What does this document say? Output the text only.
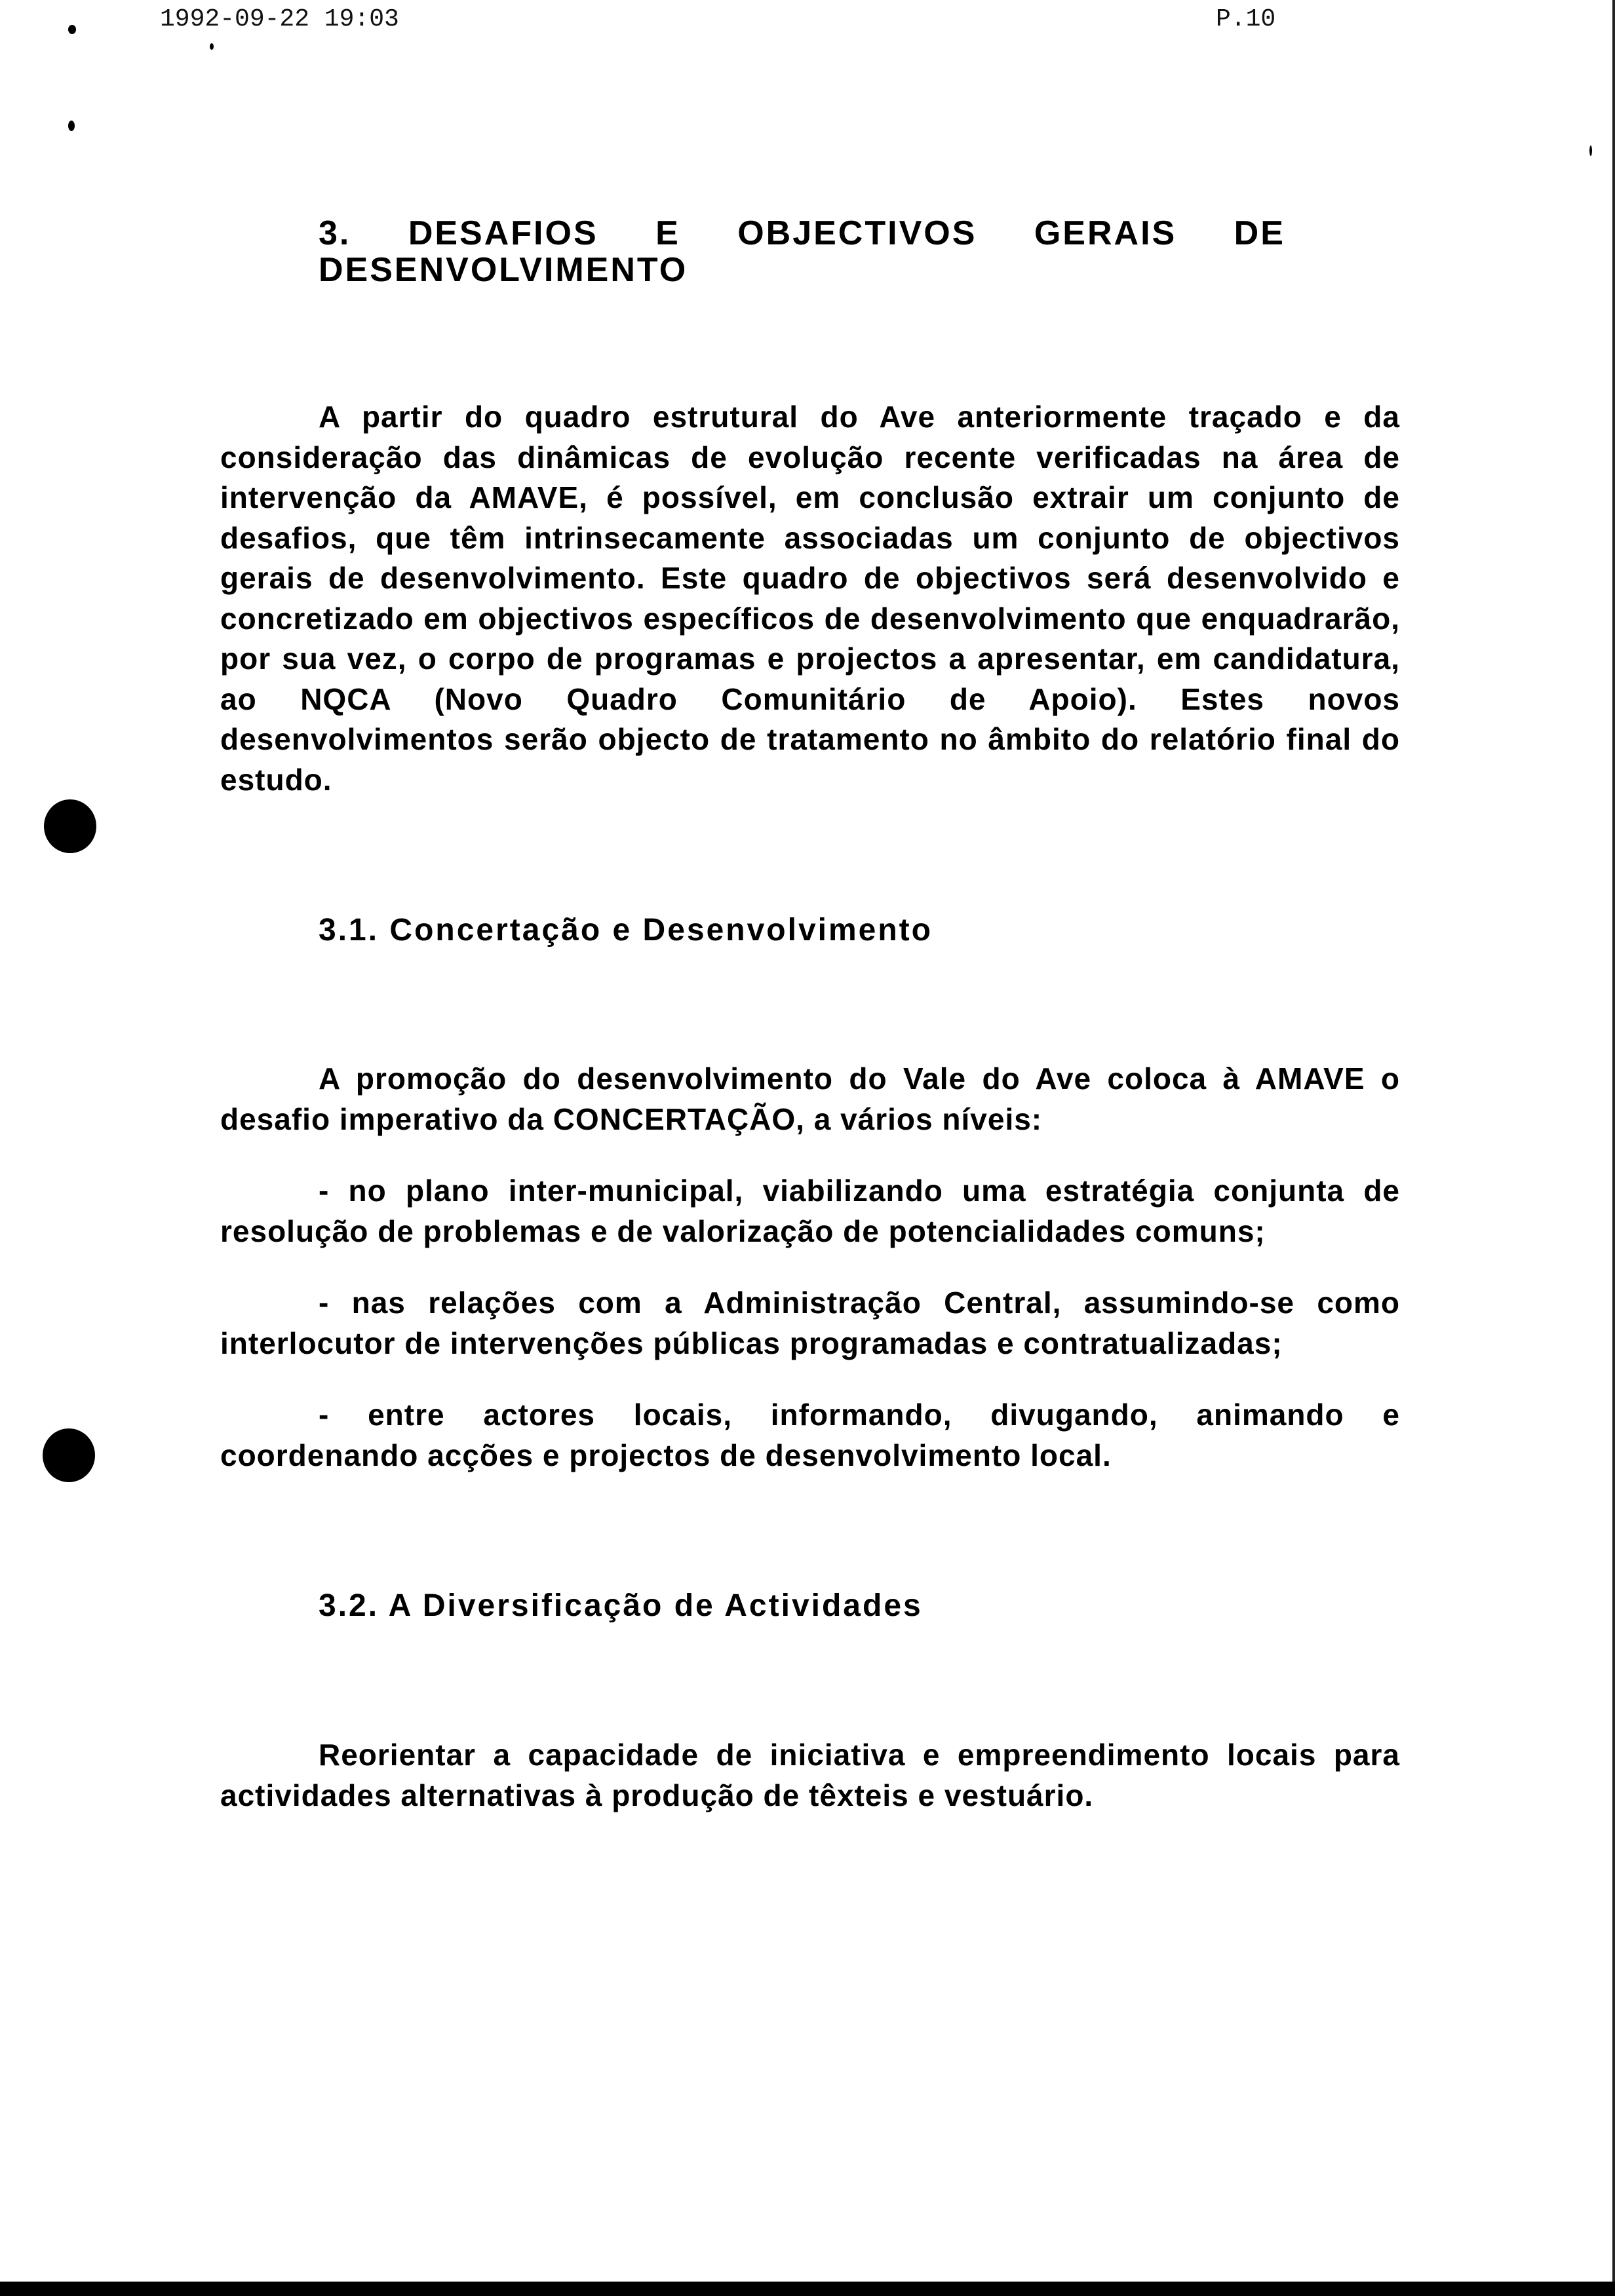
1992-09-22 19:03	P.10
3. DESAFIOS E OBJECTIVOS GERAIS DE DESENVOLVIMENTO

A partir do quadro estrutural do Ave anteriormente traçado e da consideração das dinâmicas de evolução recente verificadas na área de intervenção da AMAVE, é possível, em conclusão extrair um conjunto de desafios, que têm intrinsecamente associadas um conjunto de objectivos gerais de desenvolvimento. Este quadro de objectivos será desenvolvido e concretizado em objectivos específicos de desenvolvimento que enquadrarão, por sua vez, o corpo de programas e projectos a apresentar, em candidatura, ao NQCA (Novo Quadro Comunitário de Apoio). Estes novos desenvolvimentos serão objecto de tratamento no âmbito do relatório final do estudo.

3.1. Concertação e Desenvolvimento

A promoção do desenvolvimento do Vale do Ave coloca à AMAVE o desafio imperativo da CONCERTAÇÃO, a vários níveis:

- no plano inter-municipal, viabilizando uma estratégia conjunta de resolução de problemas e de valorização de potencialidades comuns;

- nas relações com a Administração Central, assumindo-se como interlocutor de intervenções públicas programadas e contratualizadas;

- entre actores locais, informando, divugando, animando e coordenando acções e projectos de desenvolvimento local.

3.2. A Diversificação de Actividades

Reorientar a capacidade de iniciativa e empreendimento locais para actividades alternativas à produção de têxteis e vestuário.
